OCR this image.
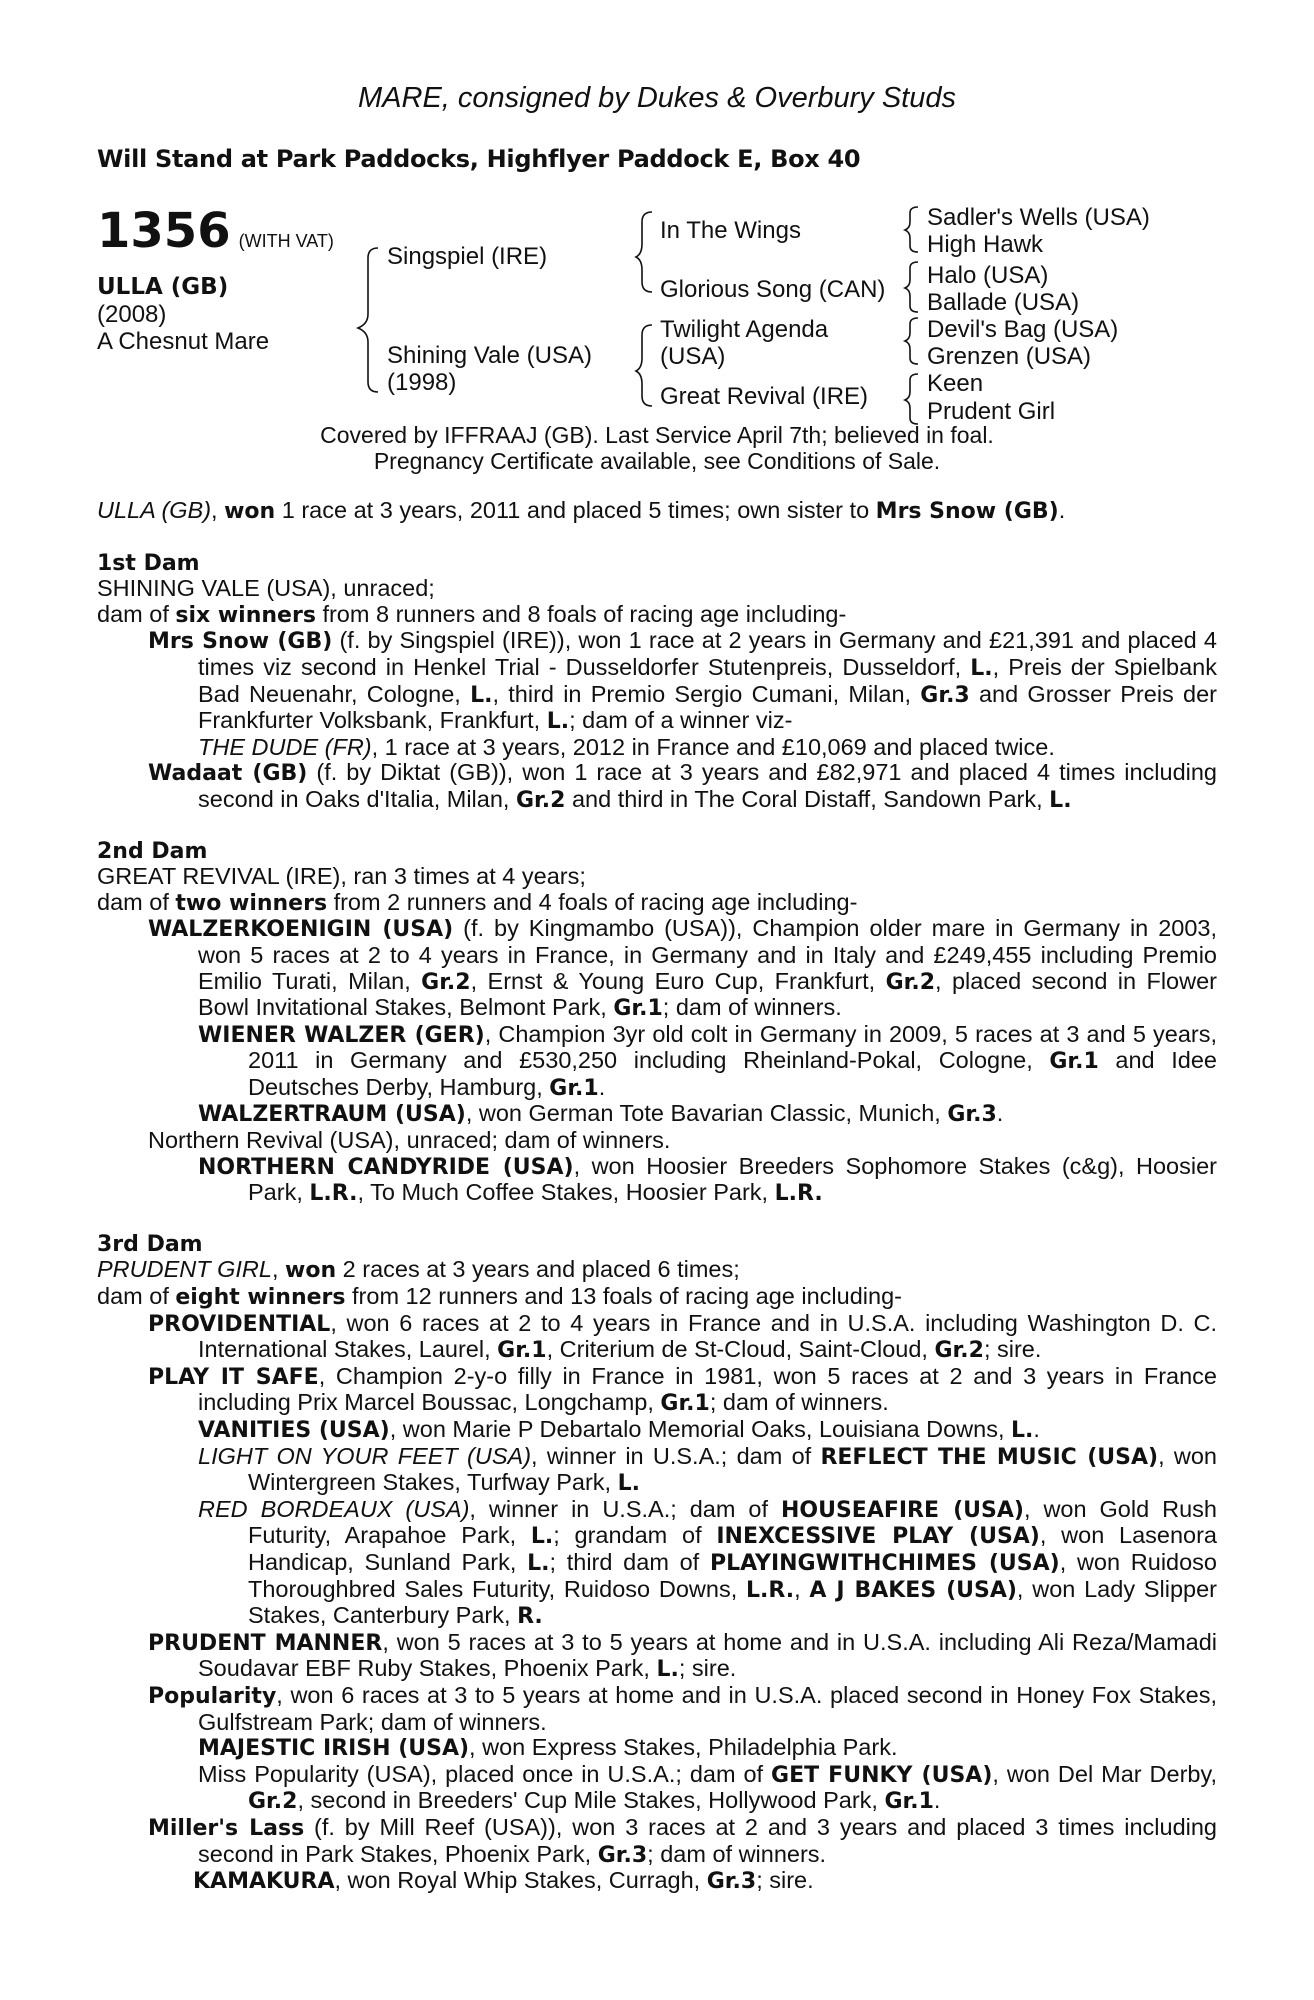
MARE, consigned by Dukes & Overbury Studs
Will Stand at Park Paddocks, Highflyer Paddock E, Box 40
1356 (WITH VAT)
ULLA (GB)
(2008)
A Chesnut Mare
Singspiel (IRE)
Shining Vale (USA)
(1998)
In The Wings
Glorious Song (CAN)
Twilight Agenda
(USA)
Great Revival (IRE)
Sadler's Wells (USA)
High Hawk
Halo (USA)
Ballade (USA)
Devil's Bag (USA)
Grenzen (USA)
Keen
Prudent Girl
Covered by IFFRAAJ (GB). Last Service April 7th; believed in foal.
Pregnancy Certificate available, see Conditions of Sale.

ULLA (GB), won 1 race at 3 years, 2011 and placed 5 times; own sister to Mrs Snow (GB).

1st Dam

SHINING VALE (USA), unraced;

dam of six winners from 8 runners and 8 foals of racing age including-

Mrs Snow (GB) (f. by Singspiel (IRE)), won 1 race at 2 years in Germany and £21,391 and placed 4 times viz second in Henkel Trial - Dusseldorfer Stutenpreis, Dusseldorf, L., Preis der Spielbank Bad Neuenahr, Cologne, L., third in Premio Sergio Cumani, Milan, Gr.3 and Grosser Preis der Frankfurter Volksbank, Frankfurt, L.; dam of a winner viz-

THE DUDE (FR), 1 race at 3 years, 2012 in France and £10,069 and placed twice.

Wadaat (GB) (f. by Diktat (GB)), won 1 race at 3 years and £82,971 and placed 4 times including second in Oaks d'Italia, Milan, Gr.2 and third in The Coral Distaff, Sandown Park, L.

2nd Dam

GREAT REVIVAL (IRE), ran 3 times at 4 years;

dam of two winners from 2 runners and 4 foals of racing age including-

WALZERKOENIGIN (USA) (f. by Kingmambo (USA)), Champion older mare in Germany in 2003, won 5 races at 2 to 4 years in France, in Germany and in Italy and £249,455 including Premio Emilio Turati, Milan, Gr.2, Ernst & Young Euro Cup, Frankfurt, Gr.2, placed second in Flower Bowl Invitational Stakes, Belmont Park, Gr.1; dam of winners.

WIENER WALZER (GER), Champion 3yr old colt in Germany in 2009, 5 races at 3 and 5 years, 2011 in Germany and £530,250 including Rheinland-Pokal, Cologne, Gr.1 and Idee Deutsches Derby, Hamburg, Gr.1.

WALZERTRAUM (USA), won German Tote Bavarian Classic, Munich, Gr.3.

Northern Revival (USA), unraced; dam of winners.

NORTHERN CANDYRIDE (USA), won Hoosier Breeders Sophomore Stakes (c&g), Hoosier Park, L.R., To Much Coffee Stakes, Hoosier Park, L.R.

3rd Dam

PRUDENT GIRL, won 2 races at 3 years and placed 6 times;

dam of eight winners from 12 runners and 13 foals of racing age including-

PROVIDENTIAL, won 6 races at 2 to 4 years in France and in U.S.A. including Washington D. C. International Stakes, Laurel, Gr.1, Criterium de St-Cloud, Saint-Cloud, Gr.2; sire.

PLAY IT SAFE, Champion 2-y-o filly in France in 1981, won 5 races at 2 and 3 years in France including Prix Marcel Boussac, Longchamp, Gr.1; dam of winners.

VANITIES (USA), won Marie P Debartalo Memorial Oaks, Louisiana Downs, L..

LIGHT ON YOUR FEET (USA), winner in U.S.A.; dam of REFLECT THE MUSIC (USA), won Wintergreen Stakes, Turfway Park, L.

RED BORDEAUX (USA), winner in U.S.A.; dam of HOUSEAFIRE (USA), won Gold Rush Futurity, Arapahoe Park, L.; grandam of INEXCESSIVE PLAY (USA), won Lasenora Handicap, Sunland Park, L.; third dam of PLAYINGWITHCHIMES (USA), won Ruidoso Thoroughbred Sales Futurity, Ruidoso Downs, L.R., A J BAKES (USA), won Lady Slipper Stakes, Canterbury Park, R.

PRUDENT MANNER, won 5 races at 3 to 5 years at home and in U.S.A. including Ali Reza/Mamadi Soudavar EBF Ruby Stakes, Phoenix Park, L.; sire.

Popularity, won 6 races at 3 to 5 years at home and in U.S.A. placed second in Honey Fox Stakes, Gulfstream Park; dam of winners.

MAJESTIC IRISH (USA), won Express Stakes, Philadelphia Park.

Miss Popularity (USA), placed once in U.S.A.; dam of GET FUNKY (USA), won Del Mar Derby, Gr.2, second in Breeders' Cup Mile Stakes, Hollywood Park, Gr.1.

Miller's Lass (f. by Mill Reef (USA)), won 3 races at 2 and 3 years and placed 3 times including second in Park Stakes, Phoenix Park, Gr.3; dam of winners.

KAMAKURA, won Royal Whip Stakes, Curragh, Gr.3; sire.
